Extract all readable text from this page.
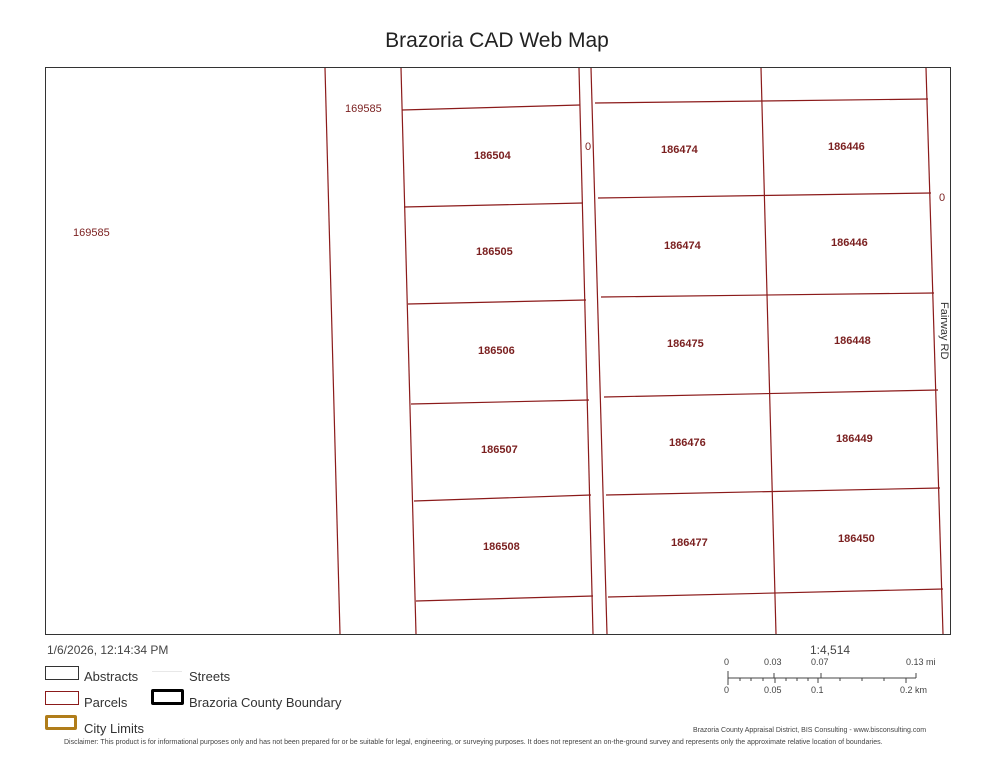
Brazoria CAD Web Map
169585
169585
186504
186505
186506
186507
186508
0	186474
186474
186475
186476
186477
186446
186446
186448
186449
186450
0
Fairway RD
1/6/2026, 12:14:34 PM
Abstracts	Streets
Parcels	Brazoria County Boundary
City Limits
1:4,514
0	0.03	0.07	0.13 mi
0	0.05	0.1	0.2 km
Brazoria County Appraisal District, BIS Consulting - www.bisconsulting.com
Disclaimer: This product is for informational purposes only and has not been prepared for or be suitable for legal, engineering, or surveying purposes. It does not represent an on-the-ground survey and represents only the approximate relative location of boundaries.
